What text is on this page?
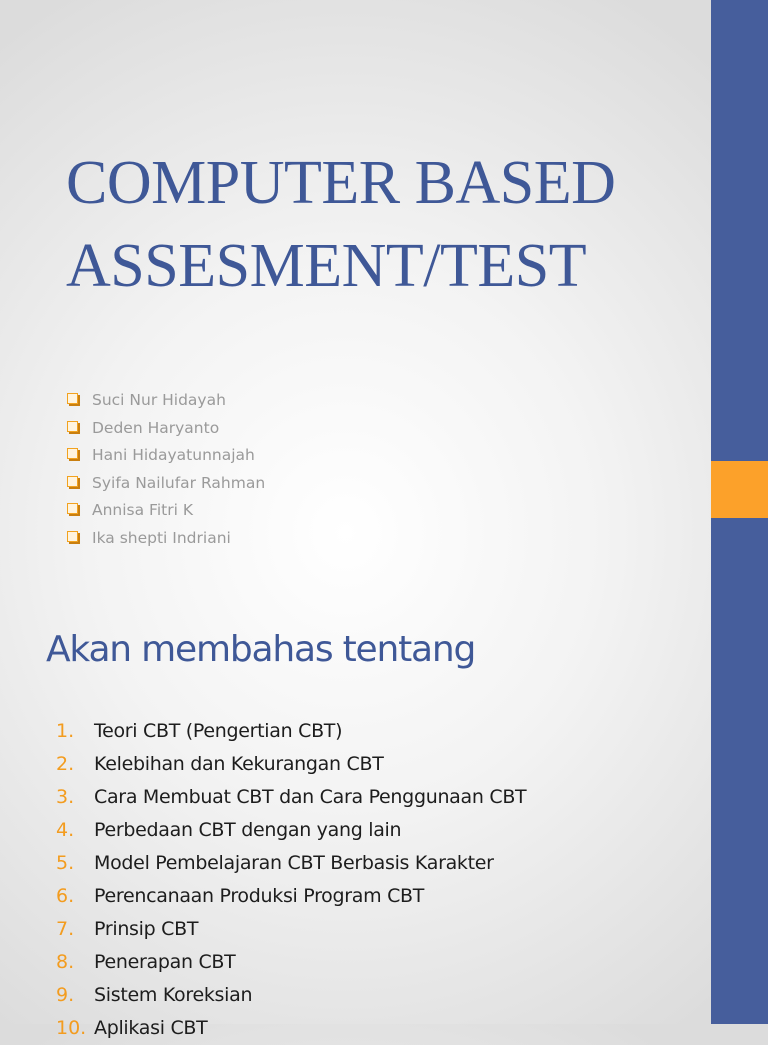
COMPUTER BASED
ASSESMENT/TEST
Suci Nur Hidayah
Deden Haryanto
Hani Hidayatunnajah
Syifa Nailufar Rahman
Annisa Fitri K
Ika shepti Indriani
Akan membahas tentang
1. Teori CBT (Pengertian CBT)
2. Kelebihan dan Kekurangan CBT
3. Cara Membuat CBT dan Cara Penggunaan CBT
4. Perbedaan CBT dengan yang lain
5. Model Pembelajaran CBT Berbasis Karakter
6. Perencanaan Produksi Program CBT
7. Prinsip CBT
8. Penerapan CBT
9. Sistem Koreksian
10. Aplikasi CBT
